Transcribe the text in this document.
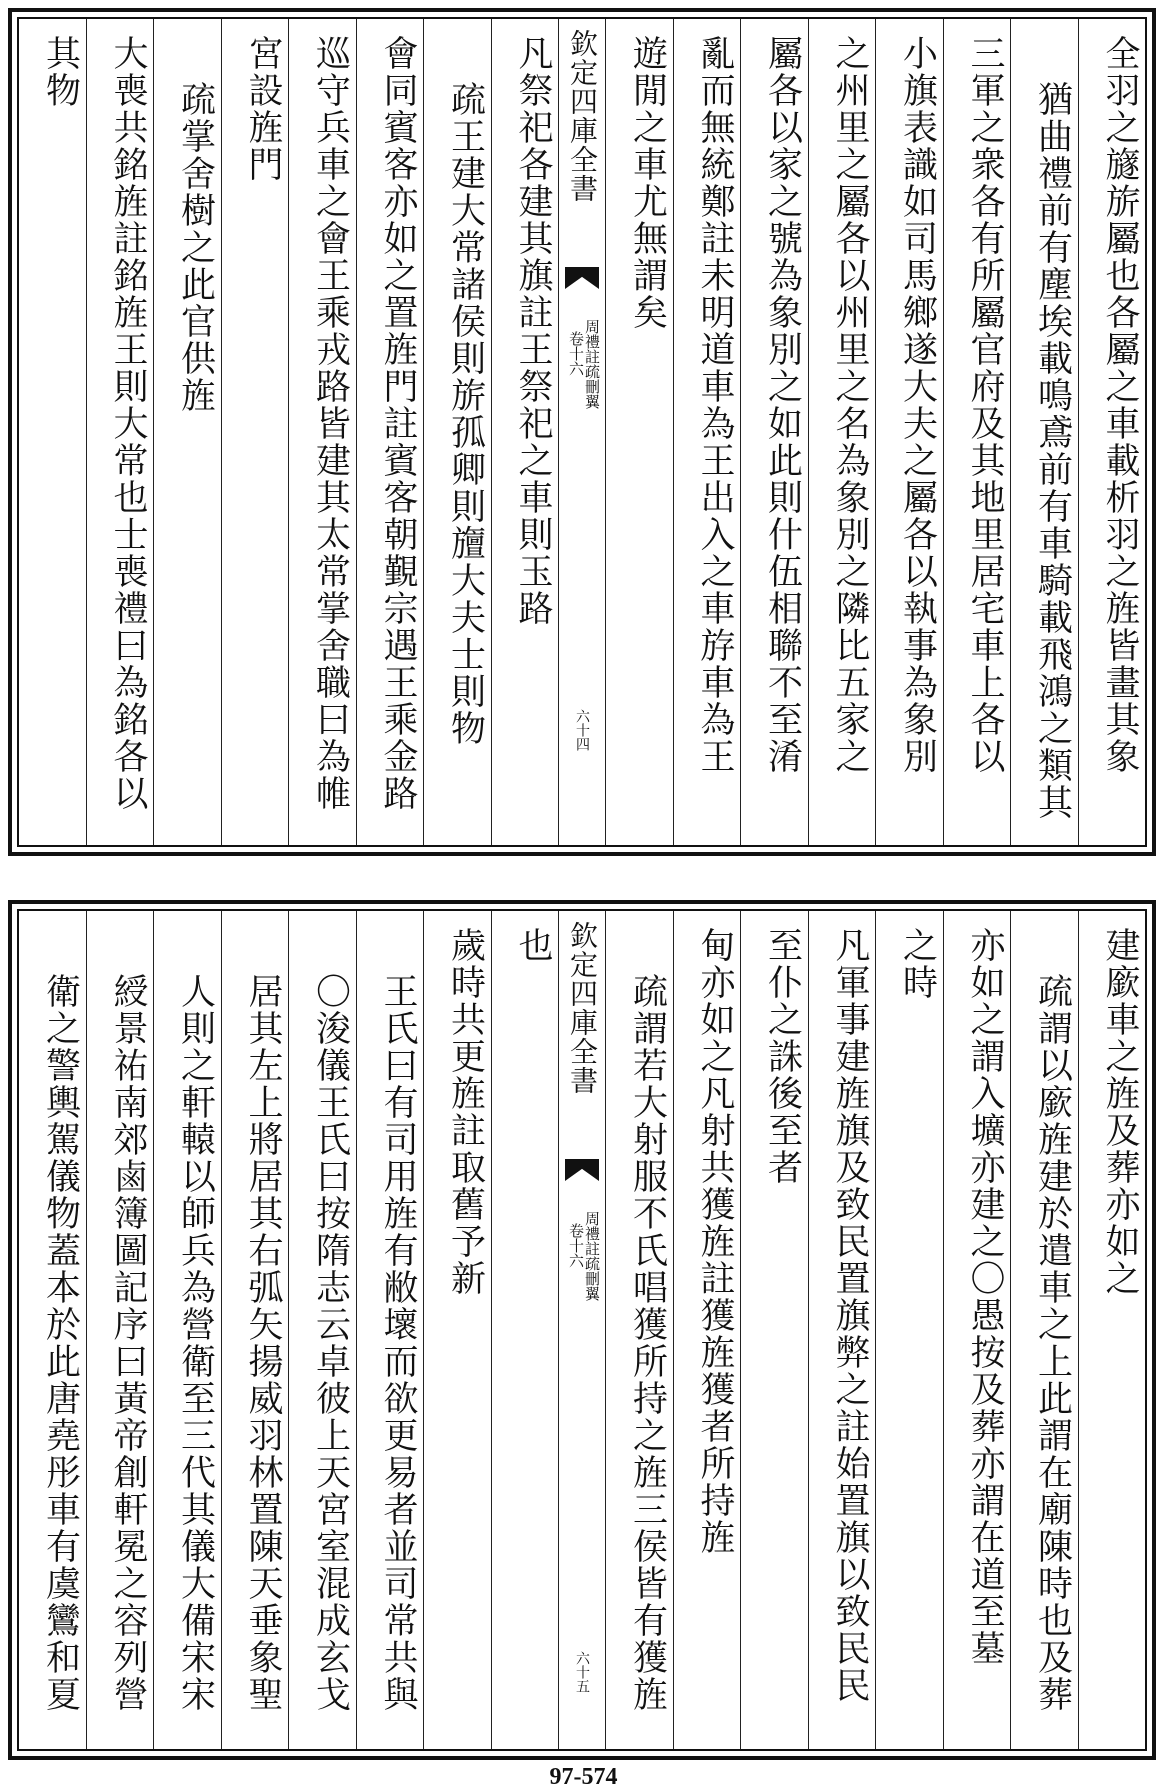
全羽之旞旂屬也各屬之車載析羽之旌皆畫其象
猶曲禮前有塵埃載鳴鳶前有車騎載飛鴻之類其
三軍之衆各有所屬官府及其地里居宅車上各以
小旗表識如司馬鄉遂大夫之屬各以執事為象別
之州里之屬各以州里之名為象別之隣比五家之
屬各以家之號為象別之如此則什伍相聯不至淆
亂而無統鄭註未明道車為王出入之車斿車為王
遊閒之車尤無謂矣
欽定四庫全書
周禮註疏刪翼
卷十六
六十四
凡祭祀各建其旗註王祭祀之車則玉路
疏王建大常諸侯則旂孤卿則旜大夫士則物
會同賓客亦如之置旌門註賓客朝覲宗遇王乘金路
巡守兵車之會王乘戎路皆建其太常掌舍職曰為帷
宮設旌門
疏掌舍樹之此官供旌
大喪共銘旌註銘旌王則大常也士喪禮曰為銘各以
其物
建廞車之旌及葬亦如之
疏謂以廞旌建於遣車之上此謂在廟陳時也及葬
亦如之謂入壙亦建之〇愚按及葬亦謂在道至墓
之時
凡軍事建旌旗及致民置旗弊之註始置旗以致民民
至仆之誅後至者
甸亦如之凡射共獲旌註獲旌獲者所持旌
疏謂若大射服不氏唱獲所持之旌三侯皆有獲旌
欽定四庫全書
周禮註疏刪翼
卷十六
六十五
也
歲時共更旌註取舊予新
王氏曰有司用旌有敝壞而欲更易者並司常共與
〇浚儀王氏曰按隋志云卓彼上天宮室混成玄戈
居其左上將居其右弧矢揚威羽林置陳天垂象聖
人則之軒轅以師兵為營衛至三代其儀大備宋宋
綬景祐南郊鹵簿圖記序曰黃帝創軒冕之容列營
衛之警輿駕儀物蓋本於此唐堯彤車有虞鸞和夏
97-574
